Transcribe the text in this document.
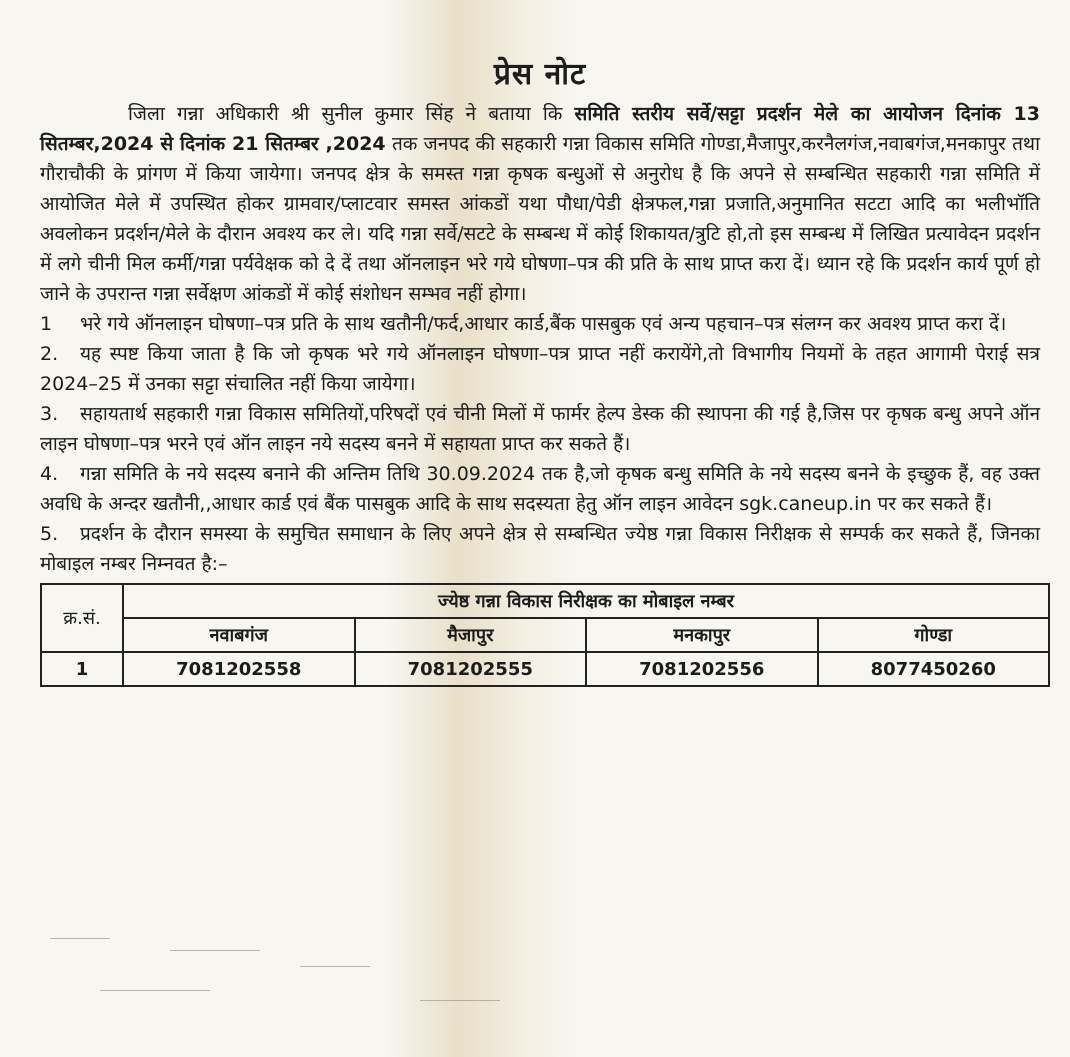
प्रेस नोट

जिला गन्ना अधिकारी श्री सुनील कुमार सिंह ने बताया कि समिति स्तरीय सर्वे/सट्टा प्रदर्शन मेले का आयोजन दिनांक 13 सितम्बर,2024 से दिनांक 21 सितम्बर ,2024 तक जनपद की सहकारी गन्ना विकास समिति गोण्डा,मैजापुर,करनैलगंज,नवाबगंज,मनकापुर तथा गौराचौकी के प्रांगण में किया जायेगा। जनपद क्षेत्र के समस्त गन्ना कृषक बन्धुओं से अनुरोध है कि अपने से सम्बन्धित सहकारी गन्ना समिति में आयोजित मेले में उपस्थित होकर ग्रामवार/प्लाटवार समस्त आंकडों यथा पौधा/पेडी क्षेत्रफल,गन्ना प्रजाति,अनुमानित सटटा आदि का भलीभॉति अवलोकन प्रदर्शन/मेले के दौरान अवश्य कर ले। यदि गन्ना सर्वे/सटटे के सम्बन्ध में कोई शिकायत/त्रुटि हो,तो इस सम्बन्ध में लिखित प्रत्यावेदन प्रदर्शन में लगे चीनी मिल कर्मी/गन्ना पर्यवेक्षक को दे दें तथा ऑनलाइन भरे गये घोषणा–पत्र की प्रति के साथ प्राप्त करा दें। ध्यान रहे कि प्रदर्शन कार्य पूर्ण हो जाने के उपरान्त गन्ना सर्वेक्षण आंकडों में कोई संशोधन सम्भव नहीं होगा।

1 भरे गये ऑनलाइन घोषणा–पत्र प्रति के साथ खतौनी/फर्द,आधार कार्ड,बैंक पासबुक एवं अन्य पहचान–पत्र संलग्न कर अवश्य प्राप्त करा दें।

2. यह स्पष्ट किया जाता है कि जो कृषक भरे गये ऑनलाइन घोषणा–पत्र प्राप्त नहीं करायेंगे,तो विभागीय नियमों के तहत आगामी पेराई सत्र 2024–25 में उनका सट्टा संचालित नहीं किया जायेगा।

3. सहायतार्थ सहकारी गन्ना विकास समितियों,परिषदों एवं चीनी मिलों में फार्मर हेल्प डेस्क की स्थापना की गई है,जिस पर कृषक बन्धु अपने ऑन लाइन घोषणा–पत्र भरने एवं ऑन लाइन नये सदस्य बनने में सहायता प्राप्त कर सकते हैं।

4. गन्ना समिति के नये सदस्य बनाने की अन्तिम तिथि 30.09.2024 तक है,जो कृषक बन्धु समिति के नये सदस्य बनने के इच्छुक हैं, वह उक्त अवधि के अन्दर खतौनी,,आधार कार्ड एवं बैंक पासबुक आदि के साथ सदस्यता हेतु ऑन लाइन आवेदन sgk.caneup.in पर कर सकते हैं।

5. प्रदर्शन के दौरान समस्या के समुचित समाधान के लिए अपने क्षेत्र से सम्बन्धित ज्येष्ठ गन्ना विकास निरीक्षक से सम्पर्क कर सकते हैं, जिनका मोबाइल नम्बर निम्नवत है:–

क्र.सं.	ज्येष्ठ गन्ना विकास निरीक्षक का मोबाइल नम्बर			
	नवाबगंज	मैजापुर	मनकापुर	गोण्डा
1	7081202558	7081202555	7081202556	8077450260
